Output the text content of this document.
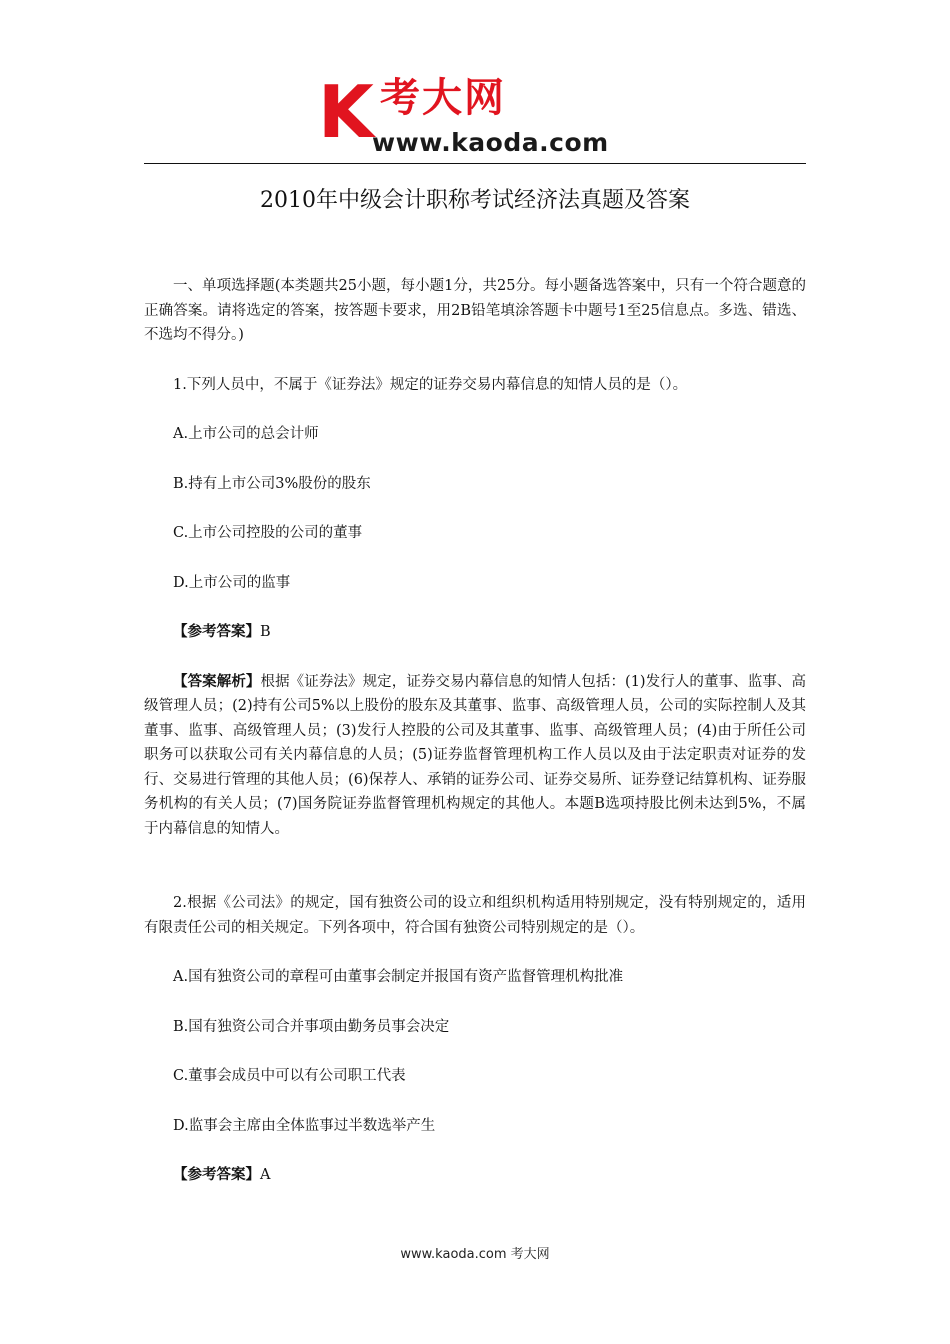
K 考大网
www.kaoda.com
2010年中级会计职称考试经济法真题及答案

一、单项选择题(本类题共25小题，每小题1分，共25分。每小题备选答案中，只有一个符合题意的正确答案。请将选定的答案，按答题卡要求，用2B铅笔填涂答题卡中题号1至25信息点。多选、错选、不选均不得分。)

1.下列人员中，不属于《证券法》规定的证券交易内幕信息的知情人员的是（）。

A.上市公司的总会计师

B.持有上市公司3%股份的股东

C.上市公司控股的公司的董事

D.上市公司的监事

【参考答案】B

【答案解析】根据《证券法》规定，证券交易内幕信息的知情人包括：(1)发行人的董事、监事、高级管理人员；(2)持有公司5%以上股份的股东及其董事、监事、高级管理人员，公司的实际控制人及其董事、监事、高级管理人员；(3)发行人控股的公司及其董事、监事、高级管理人员；(4)由于所任公司职务可以获取公司有关内幕信息的人员；(5)证券监督管理机构工作人员以及由于法定职责对证券的发行、交易进行管理的其他人员；(6)保荐人、承销的证券公司、证券交易所、证券登记结算机构、证券服务机构的有关人员；(7)国务院证券监督管理机构规定的其他人。本题B选项持股比例未达到5%，不属于内幕信息的知情人。

2.根据《公司法》的规定，国有独资公司的设立和组织机构适用特别规定，没有特别规定的，适用有限责任公司的相关规定。下列各项中，符合国有独资公司特别规定的是（）。

A.国有独资公司的章程可由董事会制定并报国有资产监督管理机构批准

B.国有独资公司合并事项由勤务员事会决定

C.董事会成员中可以有公司职工代表

D.监事会主席由全体监事过半数选举产生

【参考答案】A

www.kaoda.com 考大网
